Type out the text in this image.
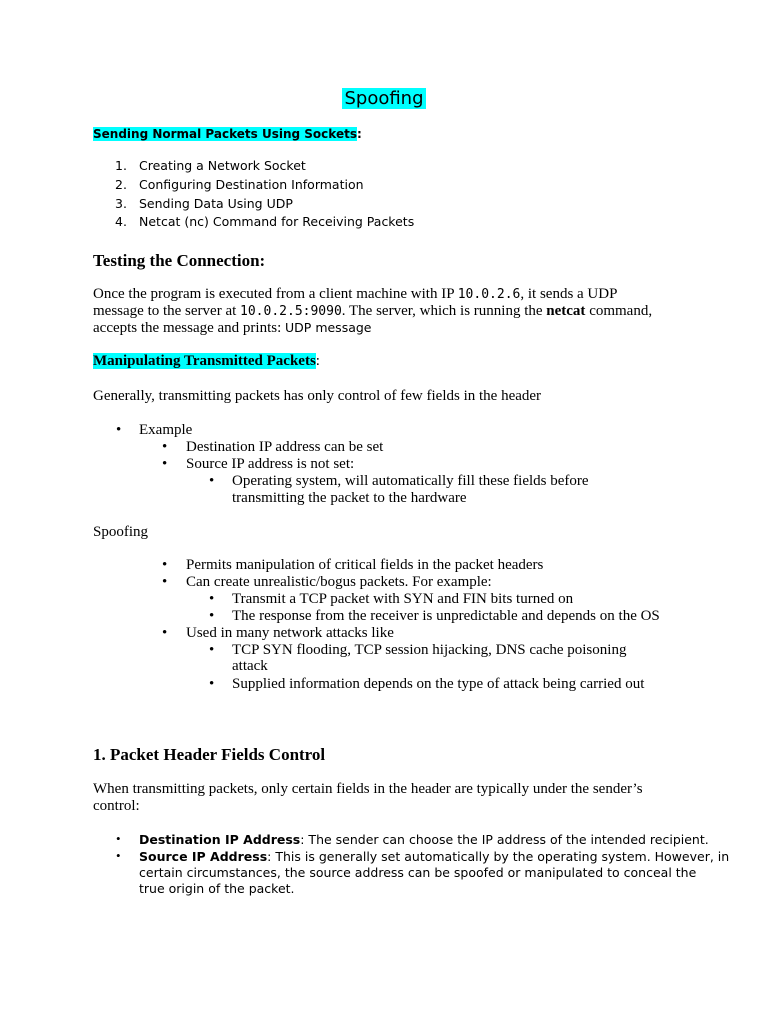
Spoofing
Sending Normal Packets Using Sockets:
1. Creating a Network Socket
2. Configuring Destination Information
3. Sending Data Using UDP
4. Netcat (nc) Command for Receiving Packets
Testing the Connection:
Once the program is executed from a client machine with IP 10.0.2.6, it sends a UDP
message to the server at 10.0.2.5:9090. The server, which is running the netcat command,
accepts the message and prints: UDP message
Manipulating Transmitted Packets:
Generally, transmitting packets has only control of few fields in the header
• Example
• Destination IP address can be set
• Source IP address is not set:
• Operating system, will automatically fill these fields before
transmitting the packet to the hardware
Spoofing
• Permits manipulation of critical fields in the packet headers
• Can create unrealistic/bogus packets. For example:
• Transmit a TCP packet with SYN and FIN bits turned on
• The response from the receiver is unpredictable and depends on the OS
• Used in many network attacks like
• TCP SYN flooding, TCP session hijacking, DNS cache poisoning
attack
• Supplied information depends on the type of attack being carried out
1. Packet Header Fields Control
When transmitting packets, only certain fields in the header are typically under the sender’s
control:
• Destination IP Address: The sender can choose the IP address of the intended recipient.
• Source IP Address: This is generally set automatically by the operating system. However, in
certain circumstances, the source address can be spoofed or manipulated to conceal the
true origin of the packet.
